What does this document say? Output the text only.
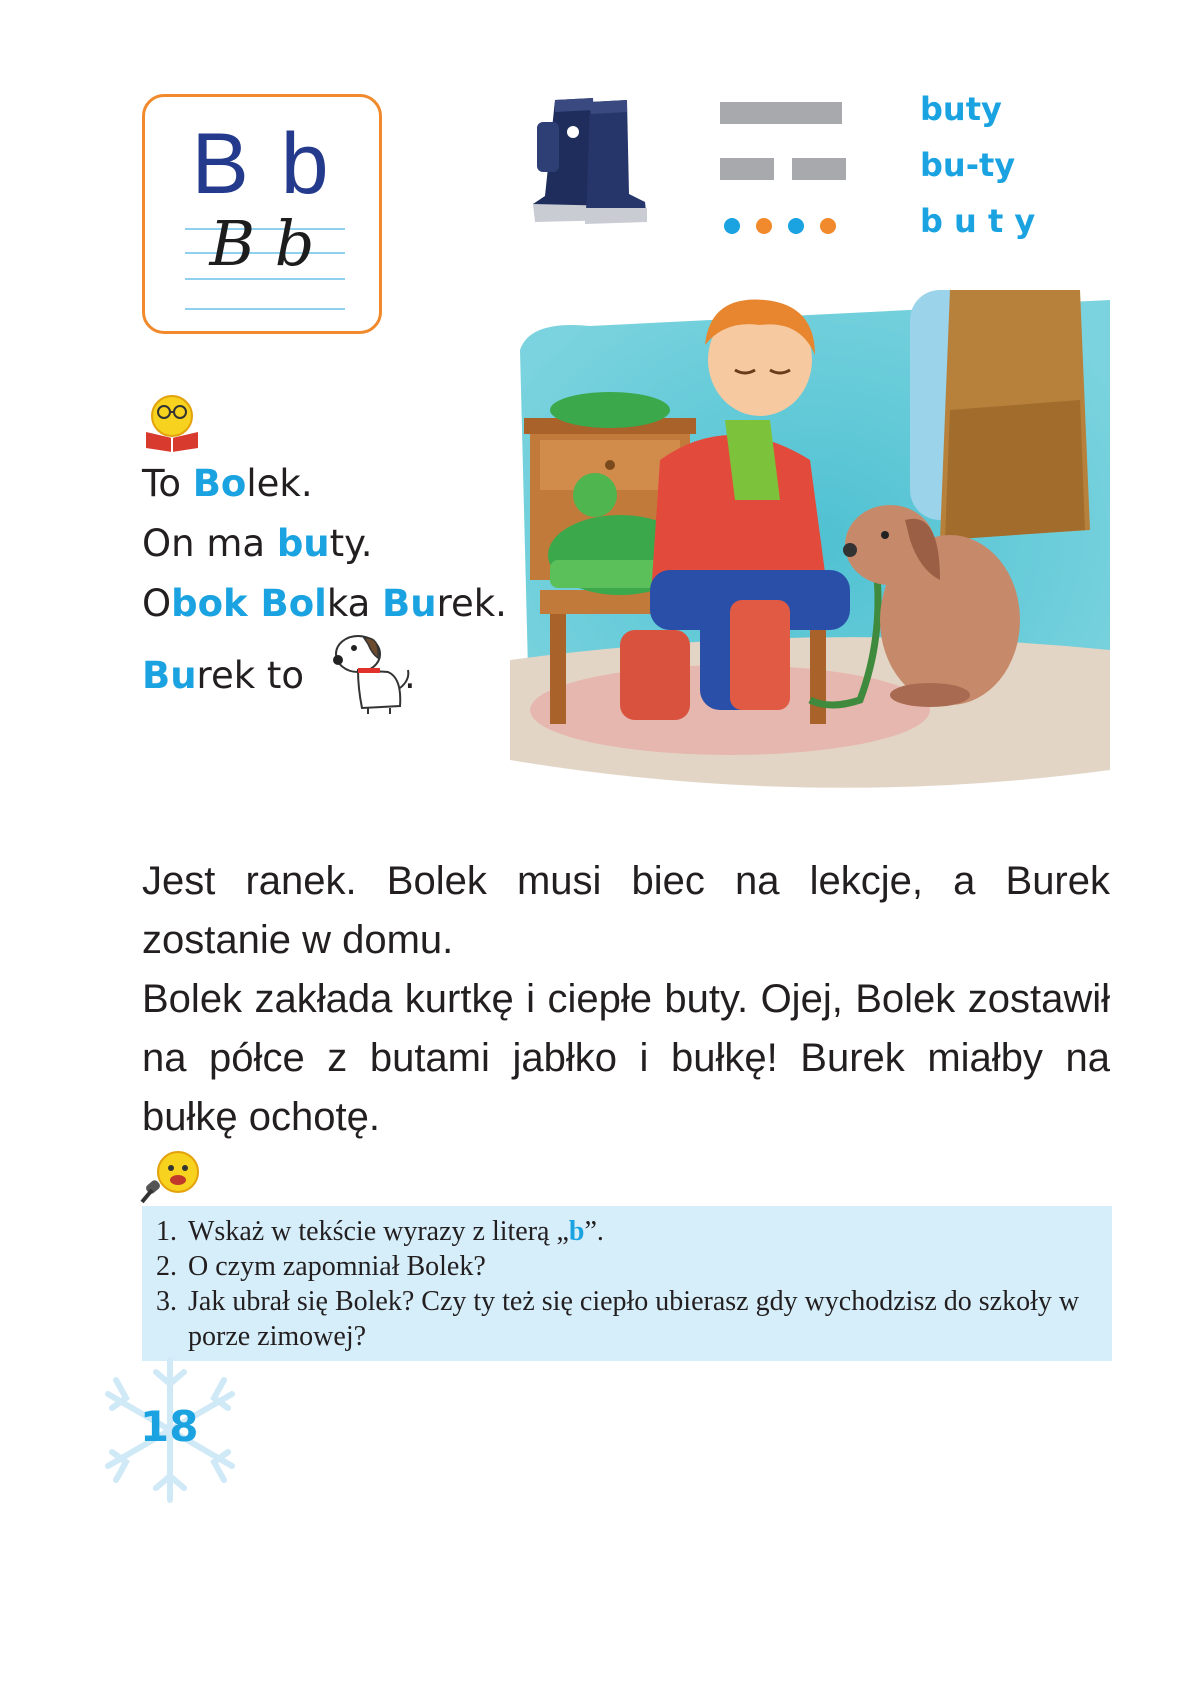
B b
B b
buty
bu-ty
b u t y
To Bolek.
On ma buty.
Obok Bolka Burek.
Burek to	.

Jest ranek. Bolek musi biec na lekcje, a Burek zostanie w domu.

Bolek zakłada kurtkę i ciepłe buty. Ojej, Bolek zostawił na półce z butami jabłko i bułkę! Burek miałby na bułkę ochotę.

1. Wskaż w tekście wyrazy z literą „b”.
2. O czym zapomniał Bolek?
3. Jak ubrał się Bolek? Czy ty też się ciepło ubierasz gdy wychodzisz do szkoły w porze zimowej?
18
